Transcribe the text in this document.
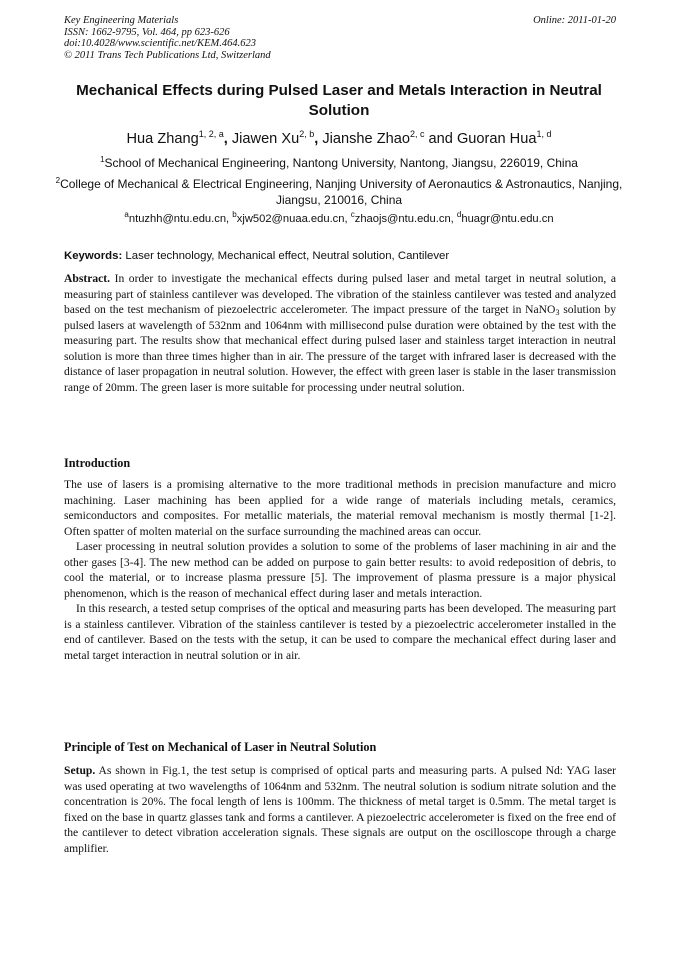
Key Engineering Materials
ISSN: 1662-9795, Vol. 464, pp 623-626
doi:10.4028/www.scientific.net/KEM.464.623
© 2011 Trans Tech Publications Ltd, Switzerland
Online: 2011-01-20
Mechanical Effects during Pulsed Laser and Metals Interaction in Neutral Solution
Hua Zhang$^{1, 2, a}$, Jiawen Xu$^{2, b}$, Jianshe Zhao$^{2, c}$ and Guoran Hua$^{1, d}$
$^1$School of Mechanical Engineering, Nantong University, Nantong, Jiangsu, 226019, China
$^2$College of Mechanical & Electrical Engineering, Nanjing University of Aeronautics & Astronautics, Nanjing, Jiangsu, 210016, China
$^a$ntuzhh@ntu.edu.cn, $^b$xjw502@nuaa.edu.cn, $^c$zhaojs@ntu.edu.cn, $^d$huagr@ntu.edu.cn
Keywords: Laser technology, Mechanical effect, Neutral solution, Cantilever

Abstract. In order to investigate the mechanical effects during pulsed laser and metal target in neutral solution, a measuring part of stainless cantilever was developed. The vibration of the stainless cantilever was tested and analyzed based on the test mechanism of piezoelectric accelerometer. The impact pressure of the target in NaNO$_3$ solution by pulsed lasers at wavelength of 532nm and 1064nm with millisecond pulse duration were obtained by the test with the measuring part. The results show that mechanical effect during pulsed laser and stainless target interaction in neutral solution is more than three times higher than in air. The pressure of the target with infrared laser is decreased with the distance of laser propagation in neutral solution. However, the effect with green laser is stable in the laser transmission range of 20mm. The green laser is more suitable for processing under neutral solution.

Introduction

The use of lasers is a promising alternative to the more traditional methods in precision manufacture and micro machining. Laser machining has been applied for a wide range of materials including metals, ceramics, semiconductors and composites. For metallic materials, the material removal mechanism is mostly thermal [1-2]. Often spatter of molten material on the surface surrounding the machined areas can occur.

Laser processing in neutral solution provides a solution to some of the problems of laser machining in air and the other gases [3-4]. The new method can be added on purpose to gain better results: to avoid redeposition of debris, to cool the material, or to increase plasma pressure [5]. The improvement of plasma pressure is a major physical phenomenon, which is the reason of mechanical effect during laser and metals interaction.

In this research, a tested setup comprises of the optical and measuring parts has been developed. The measuring part is a stainless cantilever. Vibration of the stainless cantilever is tested by a piezoelectric accelerometer installed in the end of cantilever. Based on the tests with the setup, it can be used to compare the mechanical effect during laser and metal target interaction in neutral solution or in air.

Principle of Test on Mechanical of Laser in Neutral Solution

Setup. As shown in Fig.1, the test setup is comprised of optical parts and measuring parts. A pulsed Nd: YAG laser was used operating at two wavelengths of 1064nm and 532nm. The neutral solution is sodium nitrate solution and the concentration is 20%. The focal length of lens is 100mm. The thickness of metal target is 0.5mm. The metal target is fixed on the base in quartz glasses tank and forms a cantilever. A piezoelectric accelerometer is fixed on the free end of the cantilever to detect vibration acceleration signals. These signals are output on the oscilloscope through a charge amplifier.
